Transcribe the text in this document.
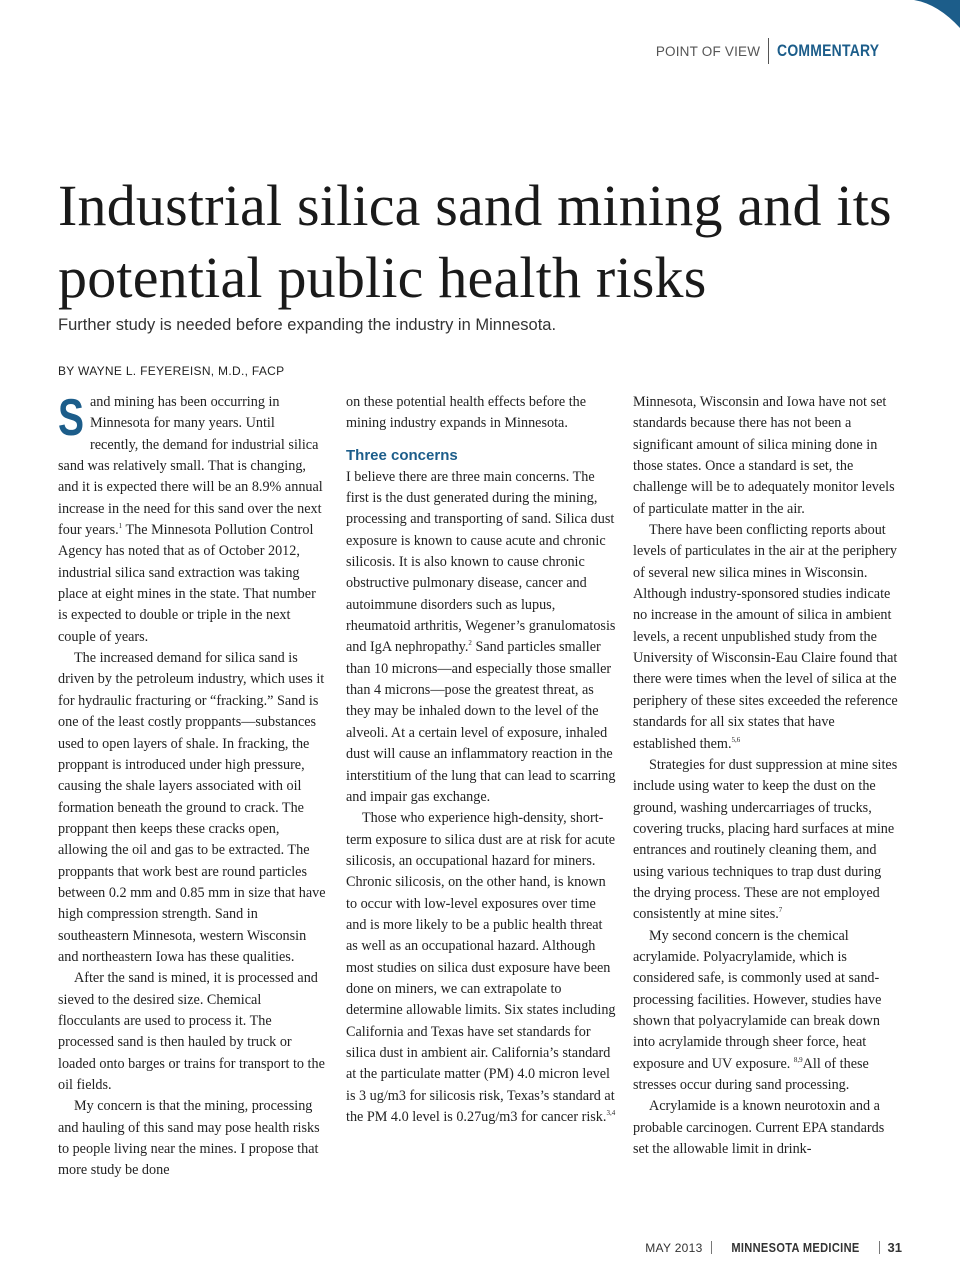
POINT OF VIEW COMMENTARY
Industrial silica sand mining and its potential public health risks

Further study is needed before expanding the industry in Minnesota.

BY WAYNE L. FEYEREISN, M.D., FACP

Sand mining has been occurring in Minnesota for many years. Until recently, the demand for industrial silica sand was relatively small. That is changing, and it is expected there will be an 8.9% annual increase in the need for this sand over the next four years.$^1$ The Minnesota Pollution Control Agency has noted that as of October 2012, industrial silica sand extraction was taking place at eight mines in the state. That number is expected to double or triple in the next couple of years.

The increased demand for silica sand is driven by the petroleum industry, which uses it for hydraulic fracturing or “fracking.” Sand is one of the least costly proppants—substances used to open layers of shale. In fracking, the proppant is introduced under high pressure, causing the shale layers associated with oil formation beneath the ground to crack. The proppant then keeps these cracks open, allowing the oil and gas to be extracted. The proppants that work best are round particles between 0.2 mm and 0.85 mm in size that have high compression strength. Sand in southeastern Minnesota, western Wisconsin and northeastern Iowa has these qualities.

After the sand is mined, it is processed and sieved to the desired size. Chemical flocculants are used to process it. The processed sand is then hauled by truck or loaded onto barges or trains for transport to the oil fields.

My concern is that the mining, processing and hauling of this sand may pose health risks to people living near the mines. I propose that more study be done

on these potential health effects before the mining industry expands in Minnesota.

Three concerns

I believe there are three main concerns. The first is the dust generated during the mining, processing and transporting of sand. Silica dust exposure is known to cause acute and chronic silicosis. It is also known to cause chronic obstructive pulmonary disease, cancer and autoimmune disorders such as lupus, rheumatoid arthritis, Wegener’s granulomatosis and IgA nephropathy.$^2$ Sand particles smaller than 10 microns—and especially those smaller than 4 microns—pose the greatest threat, as they may be inhaled down to the level of the alveoli. At a certain level of exposure, inhaled dust will cause an inflammatory reaction in the interstitium of the lung that can lead to scarring and impair gas exchange.

Those who experience high-density, short-term exposure to silica dust are at risk for acute silicosis, an occupational hazard for miners. Chronic silicosis, on the other hand, is known to occur with low-level exposures over time and is more likely to be a public health threat as well as an occupational hazard. Although most studies on silica dust exposure have been done on miners, we can extrapolate to determine allowable limits. Six states including California and Texas have set standards for silica dust in ambient air. California’s standard at the particulate matter (PM) 4.0 micron level is 3 ug/m3 for silicosis risk, Texas’s standard at the PM 4.0 level is 0.27ug/m3 for cancer risk.$^{3,4}$

Minnesota, Wisconsin and Iowa have not set standards because there has not been a significant amount of silica mining done in those states. Once a standard is set, the challenge will be to adequately monitor levels of particulate matter in the air.

There have been conflicting reports about levels of particulates in the air at the periphery of several new silica mines in Wisconsin. Although industry-sponsored studies indicate no increase in the amount of silica in ambient levels, a recent unpublished study from the University of Wisconsin-Eau Claire found that there were times when the level of silica at the periphery of these sites exceeded the reference standards for all six states that have established them.$^{5,6}$

Strategies for dust suppression at mine sites include using water to keep the dust on the ground, washing undercarriages of trucks, covering trucks, placing hard surfaces at mine entrances and routinely cleaning them, and using various techniques to trap dust during the drying process. These are not employed consistently at mine sites.$^7$

My second concern is the chemical acrylamide. Polyacrylamide, which is considered safe, is commonly used at sand-processing facilities. However, studies have shown that polyacrylamide can break down into acrylamide through sheer force, heat exposure and UV exposure. $^{8,9}$All of these stresses occur during sand processing.

Acrylamide is a known neurotoxin and a probable carcinogen. Current EPA standards set the allowable limit in drink-

MAY 2013 MINNESOTA MEDICINE 31
